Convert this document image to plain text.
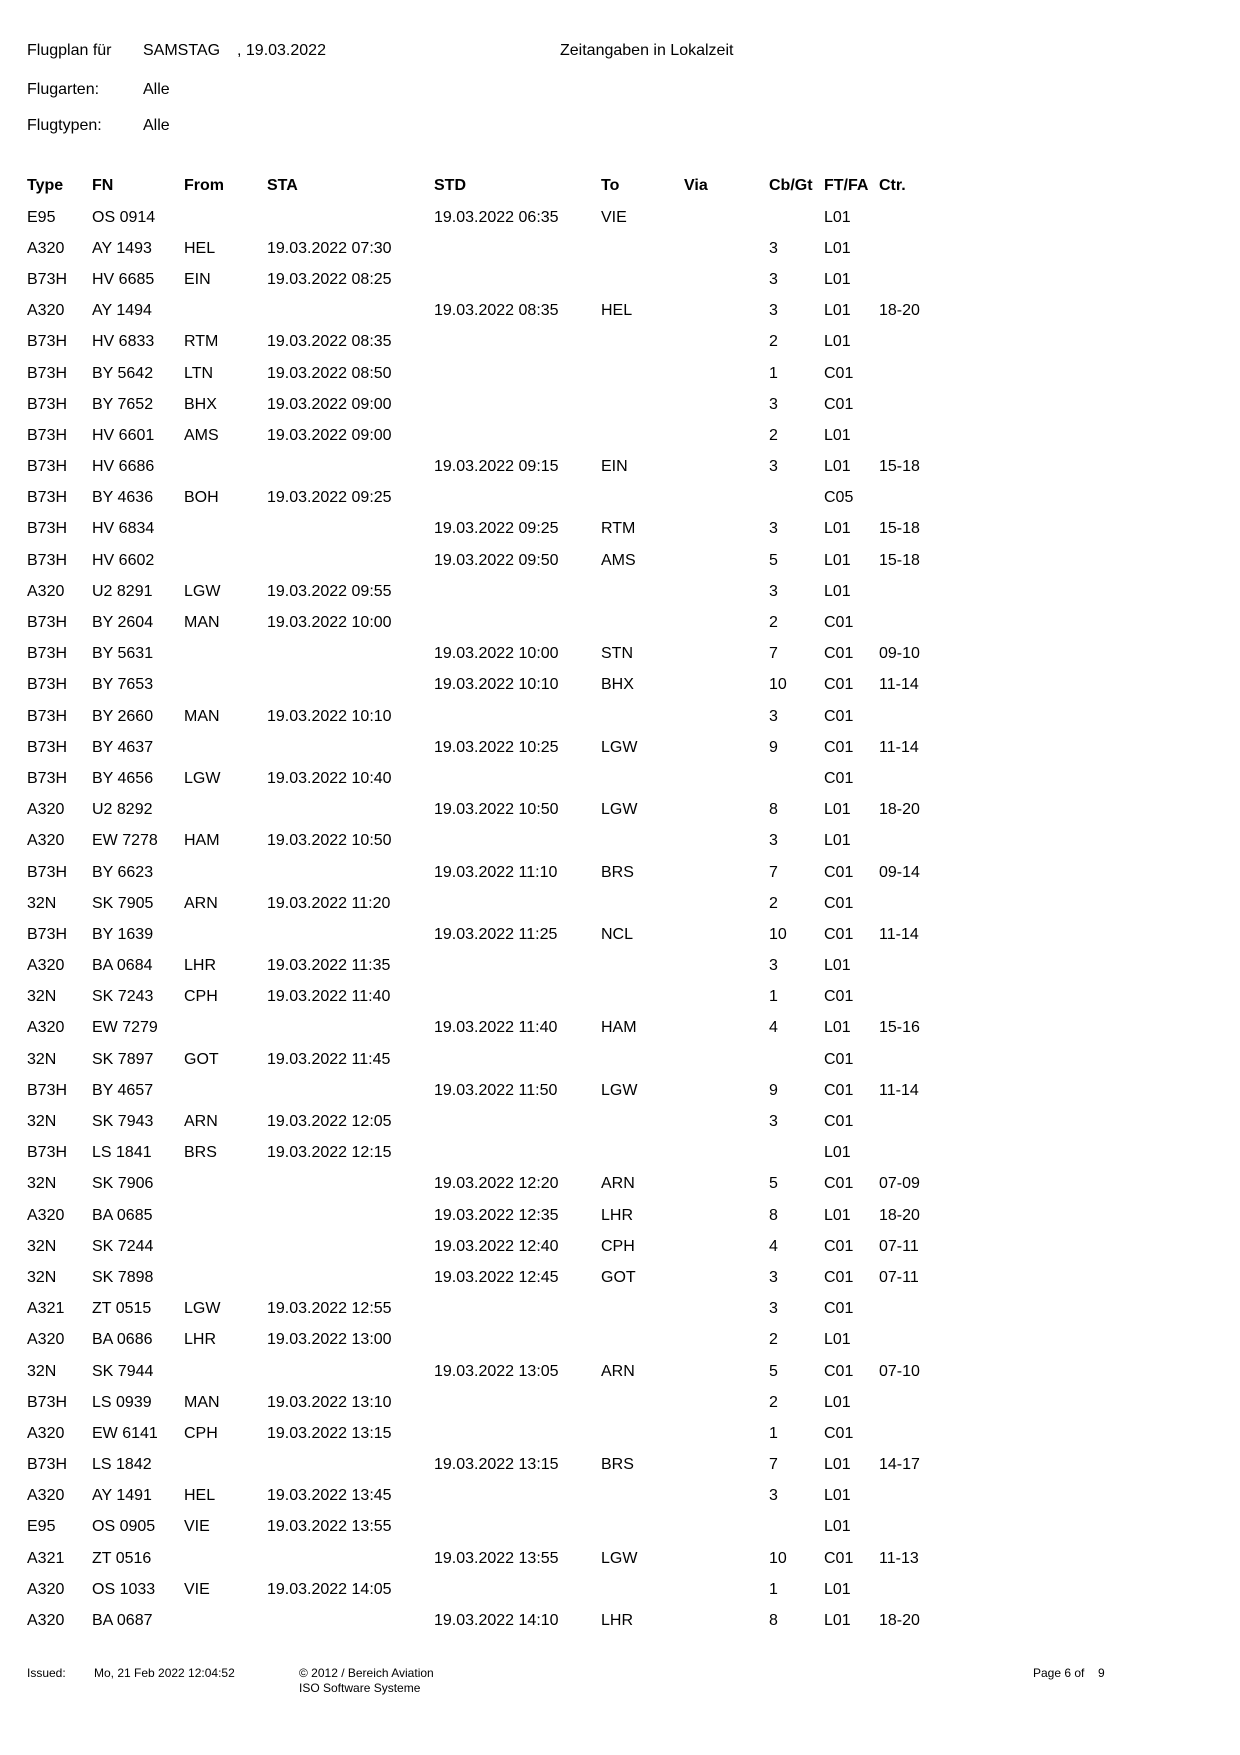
Flugplan für SAMSTAG , 19.03.2022	Zeitangaben in Lokalzeit
Flugarten:	Alle
Flugtypen:	Alle
Type	FN	From	STA	STD	To	Via	Cb/Gt	FT/FA	Ctr.
E95	OS 0914			19.03.2022 06:35	VIE			L01	
A320	AY 1493	HEL	19.03.2022 07:30				3	L01	
B73H	HV 6685	EIN	19.03.2022 08:25				3	L01	
A320	AY 1494			19.03.2022 08:35	HEL		3	L01	18-20
B73H	HV 6833	RTM	19.03.2022 08:35				2	L01	
B73H	BY 5642	LTN	19.03.2022 08:50				1	C01	
B73H	BY 7652	BHX	19.03.2022 09:00				3	C01	
B73H	HV 6601	AMS	19.03.2022 09:00				2	L01	
B73H	HV 6686			19.03.2022 09:15	EIN		3	L01	15-18
B73H	BY 4636	BOH	19.03.2022 09:25					C05	
B73H	HV 6834			19.03.2022 09:25	RTM		3	L01	15-18
B73H	HV 6602			19.03.2022 09:50	AMS		5	L01	15-18
A320	U2 8291	LGW	19.03.2022 09:55				3	L01	
B73H	BY 2604	MAN	19.03.2022 10:00				2	C01	
B73H	BY 5631			19.03.2022 10:00	STN		7	C01	09-10
B73H	BY 7653			19.03.2022 10:10	BHX		10	C01	11-14
B73H	BY 2660	MAN	19.03.2022 10:10				3	C01	
B73H	BY 4637			19.03.2022 10:25	LGW		9	C01	11-14
B73H	BY 4656	LGW	19.03.2022 10:40					C01	
A320	U2 8292			19.03.2022 10:50	LGW		8	L01	18-20
A320	EW 7278	HAM	19.03.2022 10:50				3	L01	
B73H	BY 6623			19.03.2022 11:10	BRS		7	C01	09-14
32N	SK 7905	ARN	19.03.2022 11:20				2	C01	
B73H	BY 1639			19.03.2022 11:25	NCL		10	C01	11-14
A320	BA 0684	LHR	19.03.2022 11:35				3	L01	
32N	SK 7243	CPH	19.03.2022 11:40				1	C01	
A320	EW 7279			19.03.2022 11:40	HAM		4	L01	15-16
32N	SK 7897	GOT	19.03.2022 11:45					C01	
B73H	BY 4657			19.03.2022 11:50	LGW		9	C01	11-14
32N	SK 7943	ARN	19.03.2022 12:05				3	C01	
B73H	LS 1841	BRS	19.03.2022 12:15					L01	
32N	SK 7906			19.03.2022 12:20	ARN		5	C01	07-09
A320	BA 0685			19.03.2022 12:35	LHR		8	L01	18-20
32N	SK 7244			19.03.2022 12:40	CPH		4	C01	07-11
32N	SK 7898			19.03.2022 12:45	GOT		3	C01	07-11
A321	ZT 0515	LGW	19.03.2022 12:55				3	C01	
A320	BA 0686	LHR	19.03.2022 13:00				2	L01	
32N	SK 7944			19.03.2022 13:05	ARN		5	C01	07-10
B73H	LS 0939	MAN	19.03.2022 13:10				2	L01	
A320	EW 6141	CPH	19.03.2022 13:15				1	C01	
B73H	LS 1842			19.03.2022 13:15	BRS		7	L01	14-17
A320	AY 1491	HEL	19.03.2022 13:45				3	L01	
E95	OS 0905	VIE	19.03.2022 13:55					L01	
A321	ZT 0516			19.03.2022 13:55	LGW		10	C01	11-13
A320	OS 1033	VIE	19.03.2022 14:05				1	L01	
A320	BA 0687			19.03.2022 14:10	LHR		8	L01	18-20
Issued: Mo, 21 Feb 2022 12:04:52	© 2012 / Bereich Aviation
ISO Software Systeme
Page 6 of 9
